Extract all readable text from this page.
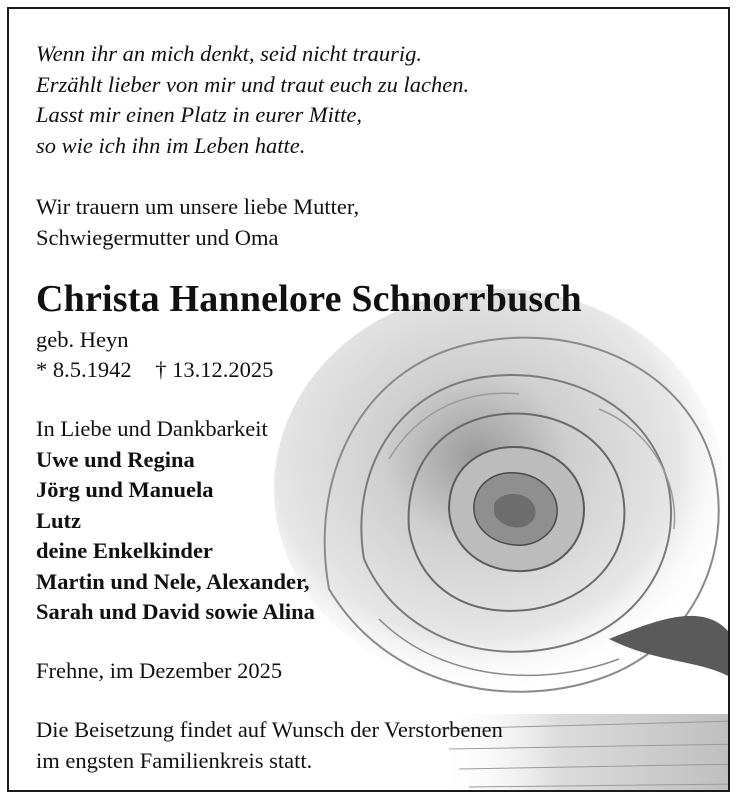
Wenn ihr an mich denkt, seid nicht traurig.
Erzählt lieber von mir und traut euch zu lachen.
Lasst mir einen Platz in eurer Mitte,
so wie ich ihn im Leben hatte.
Wir trauern um unsere liebe Mutter,
Schwiegermutter und Oma
Christa Hannelore Schnorrbusch
geb. Heyn
* 8.5.1942 † 13.12.2025
In Liebe und Dankbarkeit
Uwe und Regina
Jörg und Manuela
Lutz
deine Enkelkinder
Martin und Nele, Alexander,
Sarah und David sowie Alina
Frehne, im Dezember 2025
Die Beisetzung findet auf Wunsch der Verstorbenen
im engsten Familienkreis statt.
